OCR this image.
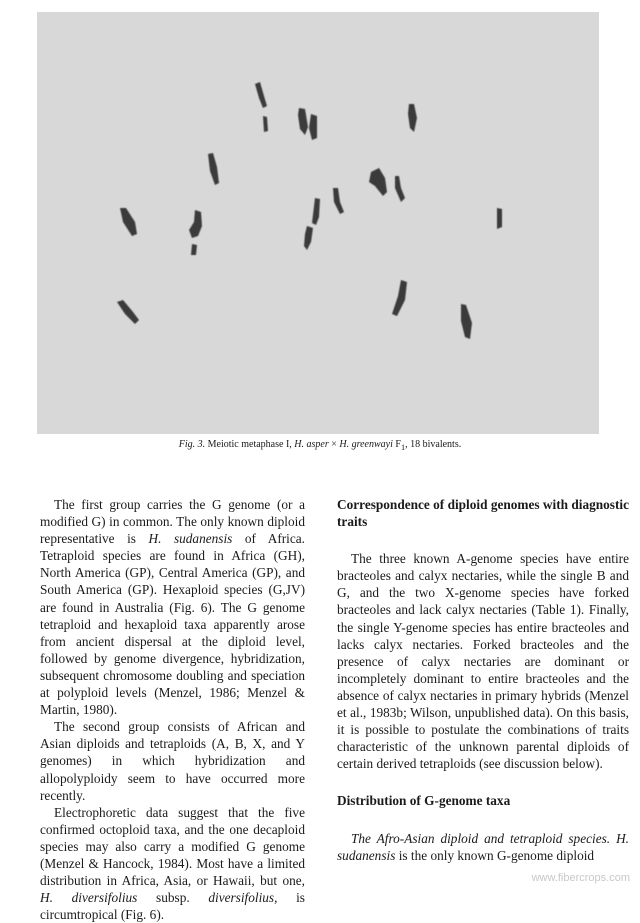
Fig. 3. Meiotic metaphase I, H. asper × H. greenwayi $F_1$, 18 bivalents.

The first group carries the G genome (or a modified G) in common. The only known diploid representative is H. sudanensis of Africa. Tetraploid species are found in Africa (GH), North America (GP), Central America (GP), and South America (GP). Hexaploid species (G,JV) are found in Australia (Fig. 6). The G genome tetraploid and hexaploid taxa apparently arose from ancient dispersal at the diploid level, followed by genome divergence, hybridization, subsequent chromosome doubling and speciation at polyploid levels (Menzel, 1986; Menzel & Martin, 1980).

The second group consists of African and Asian diploids and tetraploids (A, B, X, and Y genomes) in which hybridization and allopolyploidy seem to have occurred more recently.

Electrophoretic data suggest that the five confirmed octoploid taxa, and the one decaploid species may also carry a modified G genome (Menzel & Hancock, 1984). Most have a limited distribution in Africa, Asia, or Hawaii, but one, H. diversifolius subsp. diversifolius, is circumtropical (Fig. 6).

Correspondence of diploid genomes with diagnostic traits

The three known A-genome species have entire bracteoles and calyx nectaries, while the single B and G, and the two X-genome species have forked bracteoles and lack calyx nectaries (Table 1). Finally, the single Y-genome species has entire bracteoles and lacks calyx nectaries. Forked bracteoles and the presence of calyx nectaries are dominant or incompletely dominant to entire bracteoles and the absence of calyx nectaries in primary hybrids (Menzel et al., 1983b; Wilson, unpublished data). On this basis, it is possible to postulate the combinations of traits characteristic of the unknown parental diploids of certain derived tetraploids (see discussion below).

Distribution of G-genome taxa

The Afro-Asian diploid and tetraploid species. H. sudanensis is the only known G-genome diploid

www.fibercrops.com
